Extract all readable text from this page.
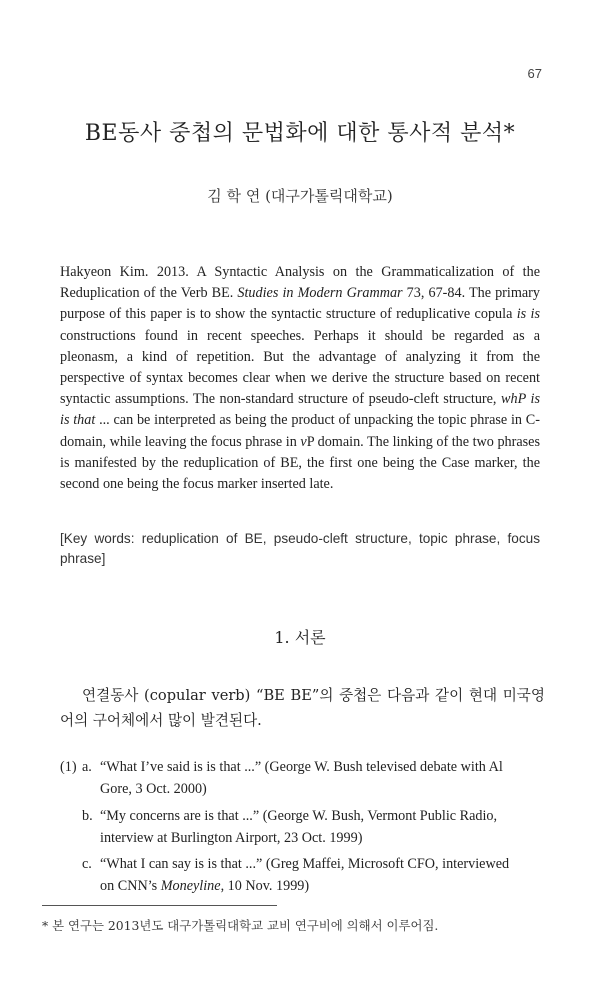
67
BE동사 중첩의 문법화에 대한 통사적 분석*
김 학 연 (대구가톨릭대학교)

Hakyeon Kim. 2013. A Syntactic Analysis on the Grammaticalization of the Reduplication of the Verb BE. Studies in Modern Grammar 73, 67-84. The primary purpose of this paper is to show the syntactic structure of reduplicative copula is is constructions found in recent speeches. Perhaps it should be regarded as a pleonasm, a kind of repetition. But the advantage of analyzing it from the perspective of syntax becomes clear when we derive the structure based on recent syntactic assumptions. The non-standard structure of pseudo-cleft structure, whP is is that ... can be interpreted as being the product of unpacking the topic phrase in C-domain, while leaving the focus phrase in vP domain. The linking of the two phrases is manifested by the reduplication of BE, the first one being the Case marker, the second one being the focus marker inserted late.

[Key words: reduplication of BE, pseudo-cleft structure, topic phrase, focus phrase]

1. 서론

연결동사 (copular verb) “BE BE”의 중첩은 다음과 같이 현대 미국영어의 구어체에서 많이 발견된다.

(1) a. “What I’ve said is is that ...” (George W. Bush televised debate with Al
Gore, 3 Oct. 2000)
b. “My concerns are is that ...” (George W. Bush, Vermont Public Radio,
interview at Burlington Airport, 23 Oct. 1999)
c. “What I can say is is that ...” (Greg Maffei, Microsoft CFO, interviewed
on CNN’s Moneyline, 10 Nov. 1999)
* 본 연구는 2013년도 대구가톨릭대학교 교비 연구비에 의해서 이루어짐.
